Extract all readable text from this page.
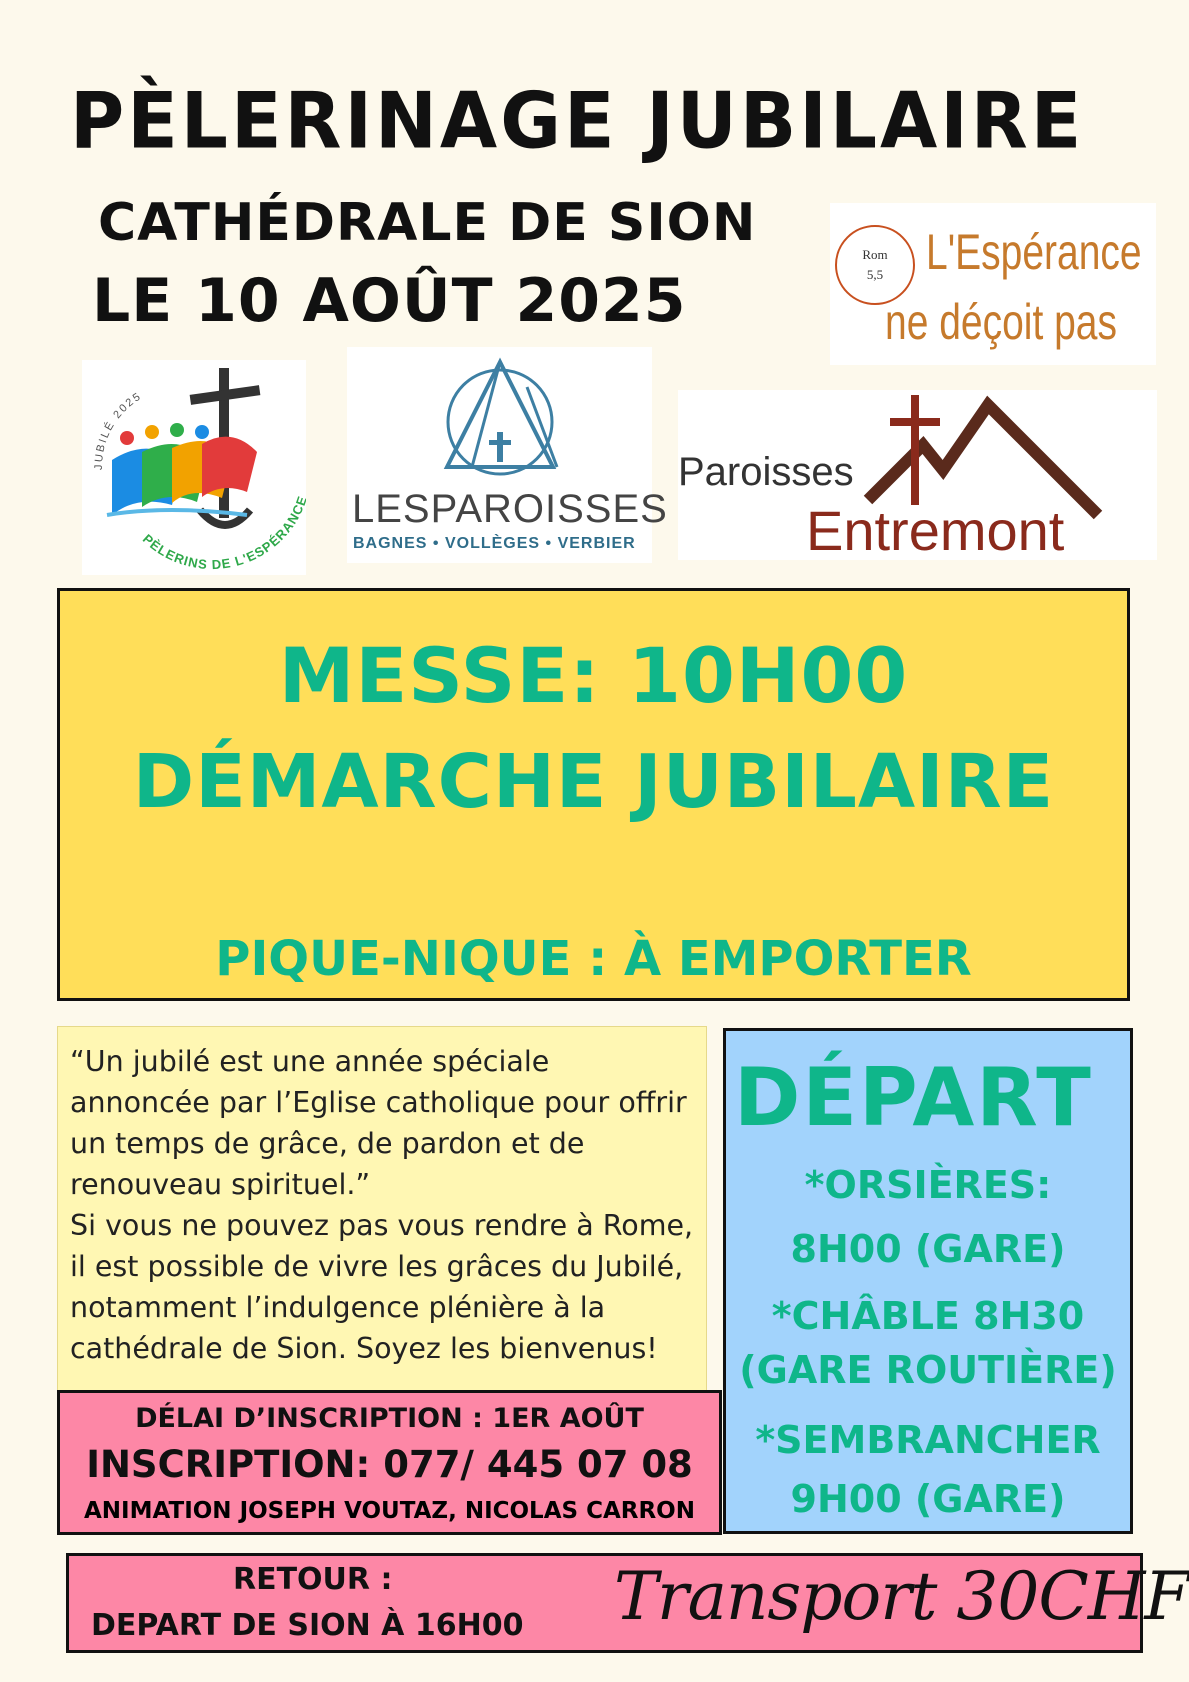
PÈLERINAGE JUBILAIRE
CATHÉDRALE DE SION
LE 10 AOÛT 2025
Rom
5,5 L'Espérance
ne déçoit pas
JUBILÉ 2025
PÈLERINS DE L'ESPÉRANC LESPAROISSES
BAGNES • VOLLÈGES • VERBIER
Paroisses
Entremont
MESSE: 10H00
DÉMARCHE JUBILAIRE
PIQUE-NIQUE : À EMPORTER

“Un jubilé est une année spéciale annoncée par l’Eglise catholique pour offrir un temps de grâce, de pardon et de renouveau spirituel.”

Si vous ne pouvez pas vous rendre à Rome, il est possible de vivre les grâces du Jubilé, notamment l’indulgence plénière à la cathédrale de Sion. Soyez les bienvenus!

DÉPART
*ORSIÈRES:
8H00 (GARE)
*CHÂBLE 8H30
(GARE ROUTIÈRE)
*SEMBRANCHER
9H00 (GARE)
DÉLAI D’INSCRIPTION : 1ER AOÛT
INSCRIPTION: 077/ 445 07 08
ANIMATION JOSEPH VOUTAZ, NICOLAS CARRON
RETOUR :
DEPART DE SION À 16H00 Transport 30CHF
